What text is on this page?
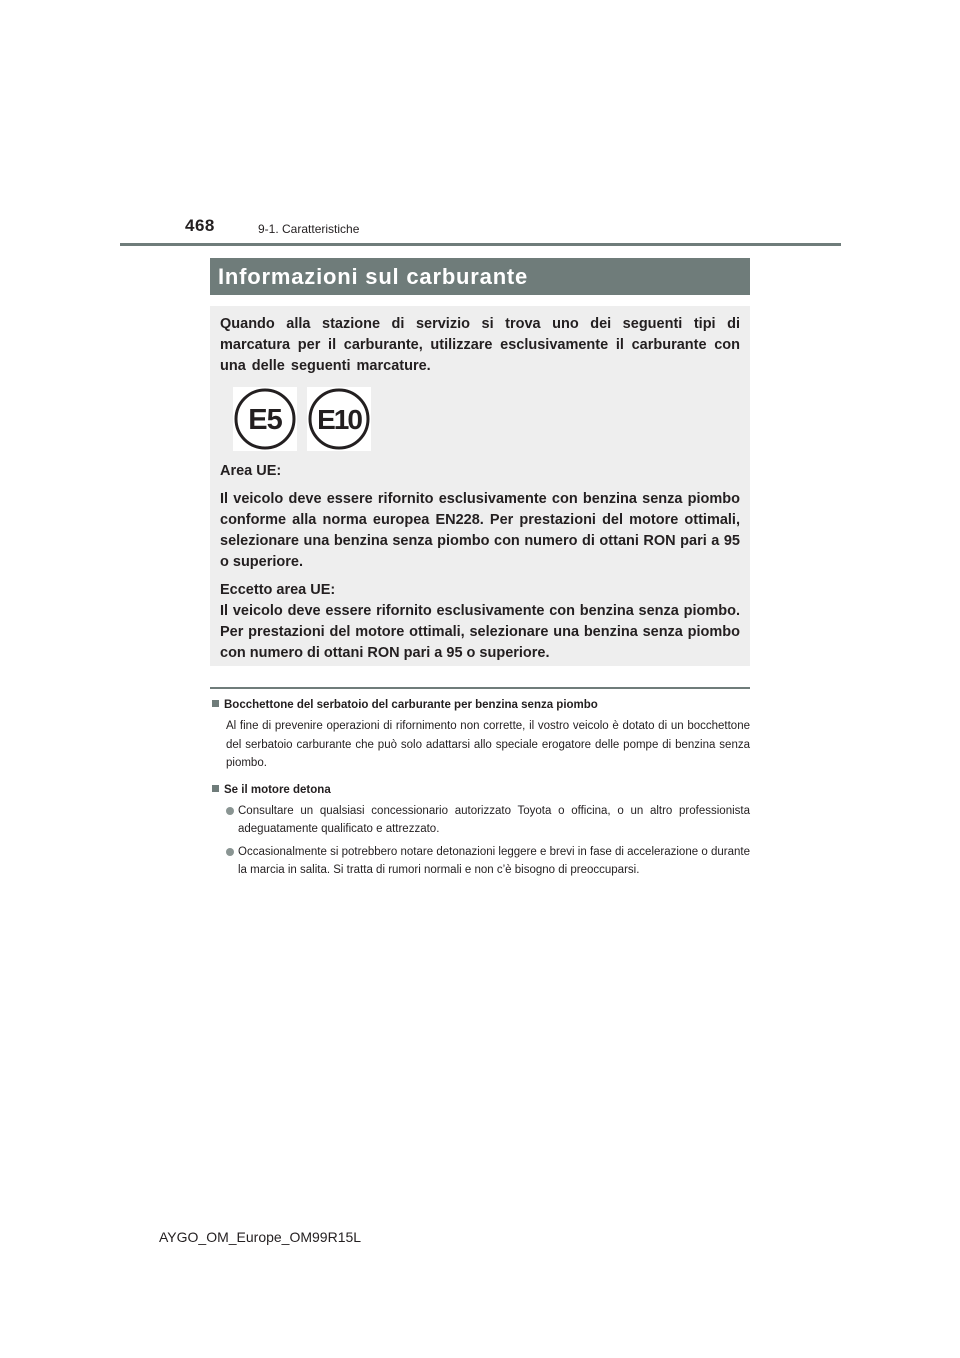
468	9-1. Caratteristiche
Informazioni sul carburante

Quando alla stazione di servizio si trova uno dei seguenti tipi di marcatura per il carburante, utilizzare esclusivamente il carburante con una delle seguenti marcature.

E5 E10

Area UE:

Il veicolo deve essere rifornito esclusivamente con benzina senza piombo conforme alla norma europea EN228. Per prestazioni del motore ottimali, selezionare una benzina senza piombo con numero di ottani RON pari a 95 o superiore.

Eccetto area UE:

Il veicolo deve essere rifornito esclusivamente con benzina senza piombo. Per prestazioni del motore ottimali, selezionare una benzina senza piombo con numero di ottani RON pari a 95 o superiore.

Bocchettone del serbatoio del carburante per benzina senza piombo

Al fine di prevenire operazioni di rifornimento non corrette, il vostro veicolo è dotato di un bocchettone del serbatoio carburante che può solo adattarsi allo speciale erogatore delle pompe di benzina senza piombo.

Se il motore detona

Consultare un qualsiasi concessionario autorizzato Toyota o officina, o un altro professionista adeguatamente qualificato e attrezzato.
Occasionalmente si potrebbero notare detonazioni leggere e brevi in fase di accelerazione o durante la marcia in salita. Si tratta di rumori normali e non c’è bisogno di preoccuparsi.
AYGO_OM_Europe_OM99R15L
